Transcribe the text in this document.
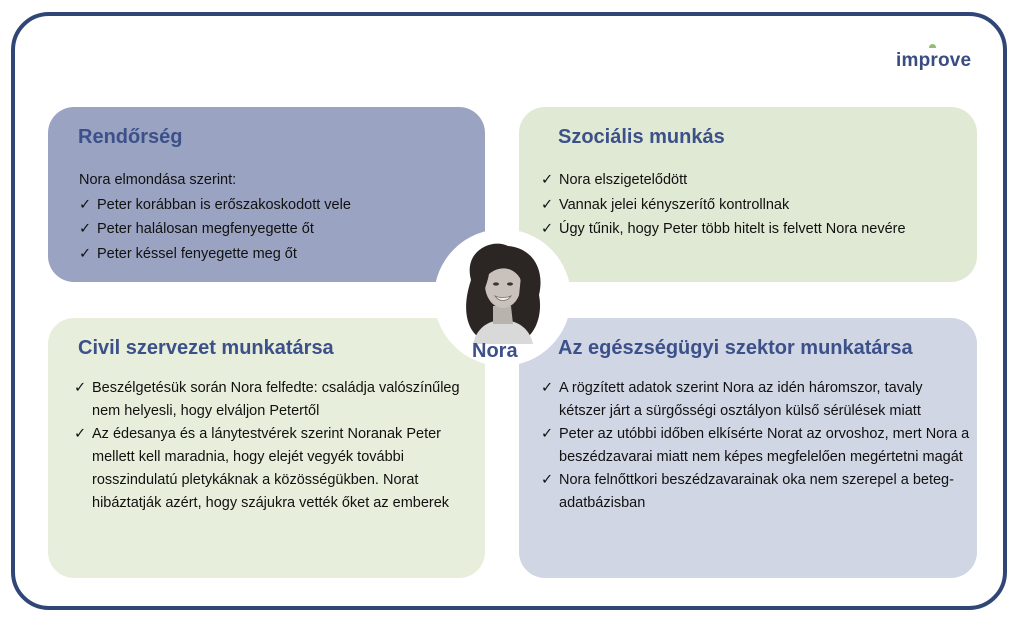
improve
Rendőrség
Nora elmondása szerint:
✓ Peter korábban is erőszakoskodott vele
✓ Peter halálosan megfenyegette őt
✓ Peter késsel fenyegette meg őt
Szociális munkás
✓ Nora elszigetelődött
✓ Vannak jelei kényszerítő kontrollnak
✓ Úgy tűnik, hogy Peter több hitelt is felvett Nora nevére
Civil szervezet munkatársa
✓ Beszélgetésük során Nora felfedte: családja valószínűleg nem helyesli, hogy elváljon Petertől
✓ Az édesanya és a lánytestvérek szerint Noranak Peter mellett kell maradnia, hogy elejét vegyék további rosszindulatú pletykáknak a közösségükben. Norat hibáztatják azért, hogy szájukra vették őket az emberek
Az egészségügyi szektor munkatársa
✓ A rögzített adatok szerint Nora az idén háromszor, tavaly kétszer járt a sürgősségi osztályon külső sérülések miatt
✓ Peter az utóbbi időben elkísérte Norat az orvoshoz, mert Nora a beszédzavarai miatt nem képes megfelelően megértetni magát
✓ Nora felnőttkori beszédzavarainak oka nem szerepel a beteg-adatbázisban
Nora
